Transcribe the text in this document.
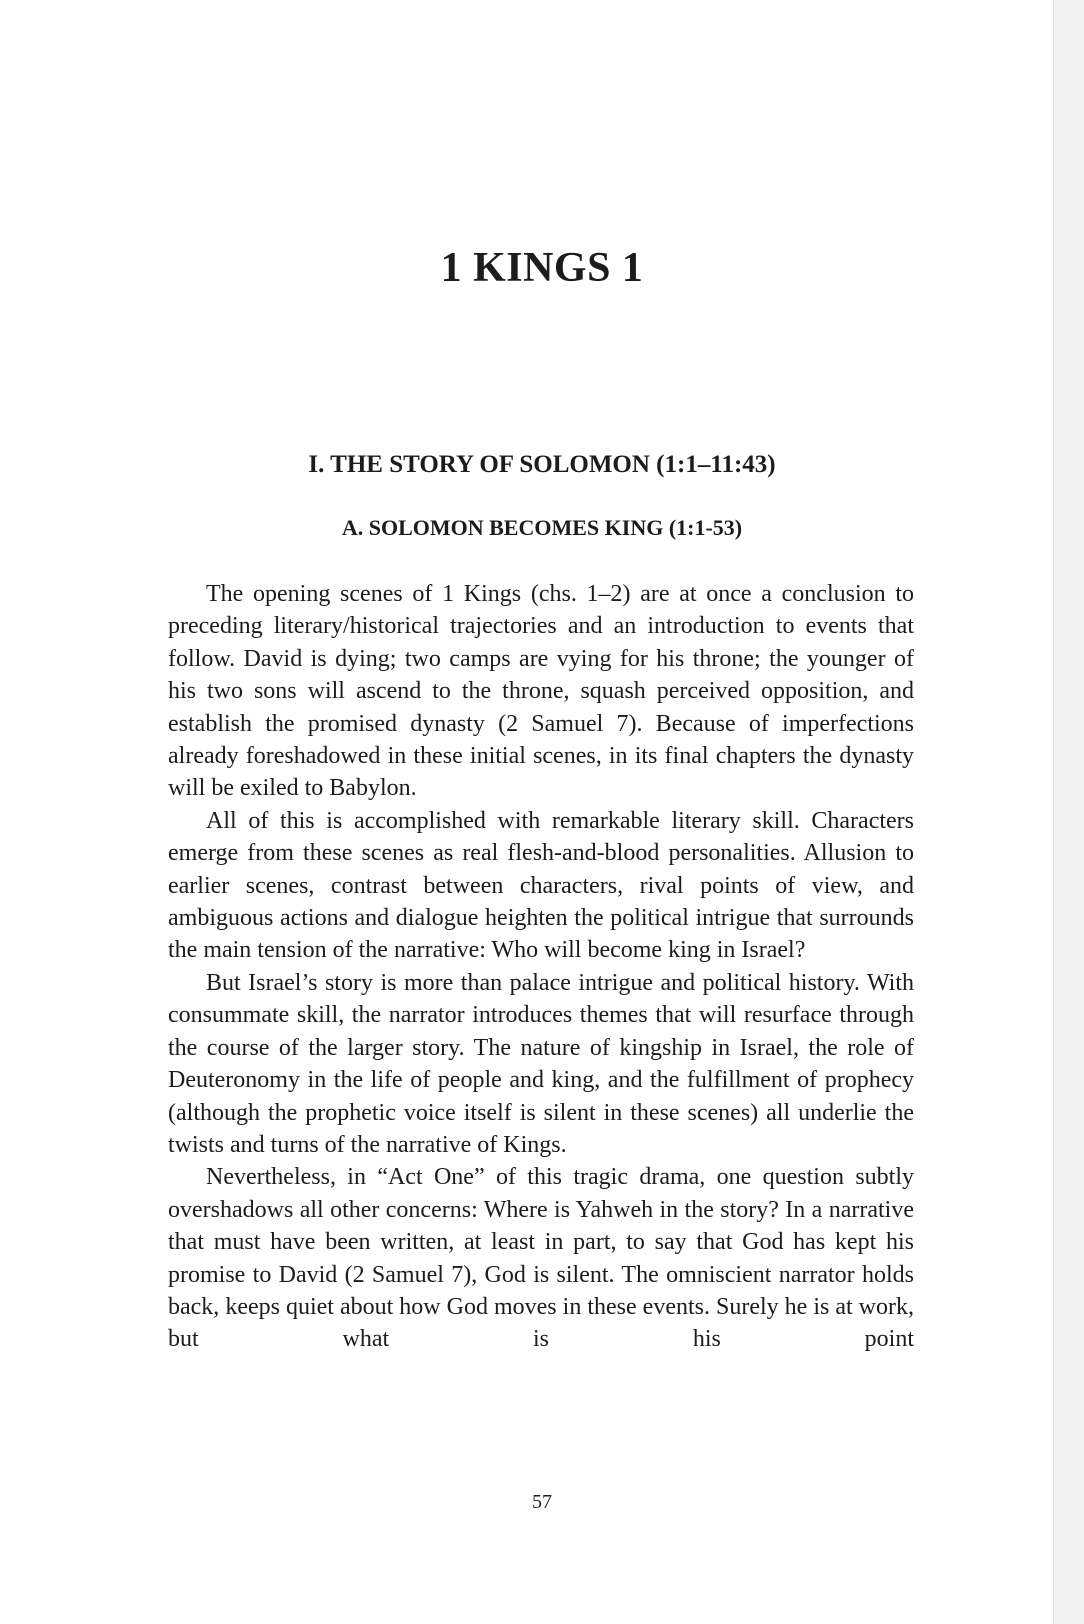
1 KINGS 1
I. THE STORY OF SOLOMON (1:1–11:43)
A. SOLOMON BECOMES KING (1:1-53)

The opening scenes of 1 Kings (chs. 1–2) are at once a conclusion to preceding literary/historical trajectories and an introduction to events that follow. David is dying; two camps are vying for his throne; the younger of his two sons will ascend to the throne, squash perceived opposition, and establish the promised dynasty (2 Samuel 7). Because of imperfections already foreshadowed in these initial scenes, in its final chapters the dynasty will be exiled to Babylon.

All of this is accomplished with remarkable literary skill. Characters emerge from these scenes as real flesh-and-blood personalities. Allusion to earlier scenes, contrast between characters, rival points of view, and ambiguous actions and dialogue heighten the political intrigue that surrounds the main tension of the narrative: Who will become king in Israel?

But Israel’s story is more than palace intrigue and political history. With consummate skill, the narrator introduces themes that will resurface through the course of the larger story. The nature of kingship in Israel, the role of Deuteronomy in the life of people and king, and the fulfillment of prophecy (although the prophetic voice itself is silent in these scenes) all underlie the twists and turns of the narrative of Kings.

Nevertheless, in “Act One” of this tragic drama, one question subtly overshadows all other concerns: Where is Yahweh in the story? In a narrative that must have been written, at least in part, to say that God has kept his promise to David (2 Samuel 7), God is silent. The omniscient narrator holds back, keeps quiet about how God moves in these events. Surely he is at work, but what is his point

57
